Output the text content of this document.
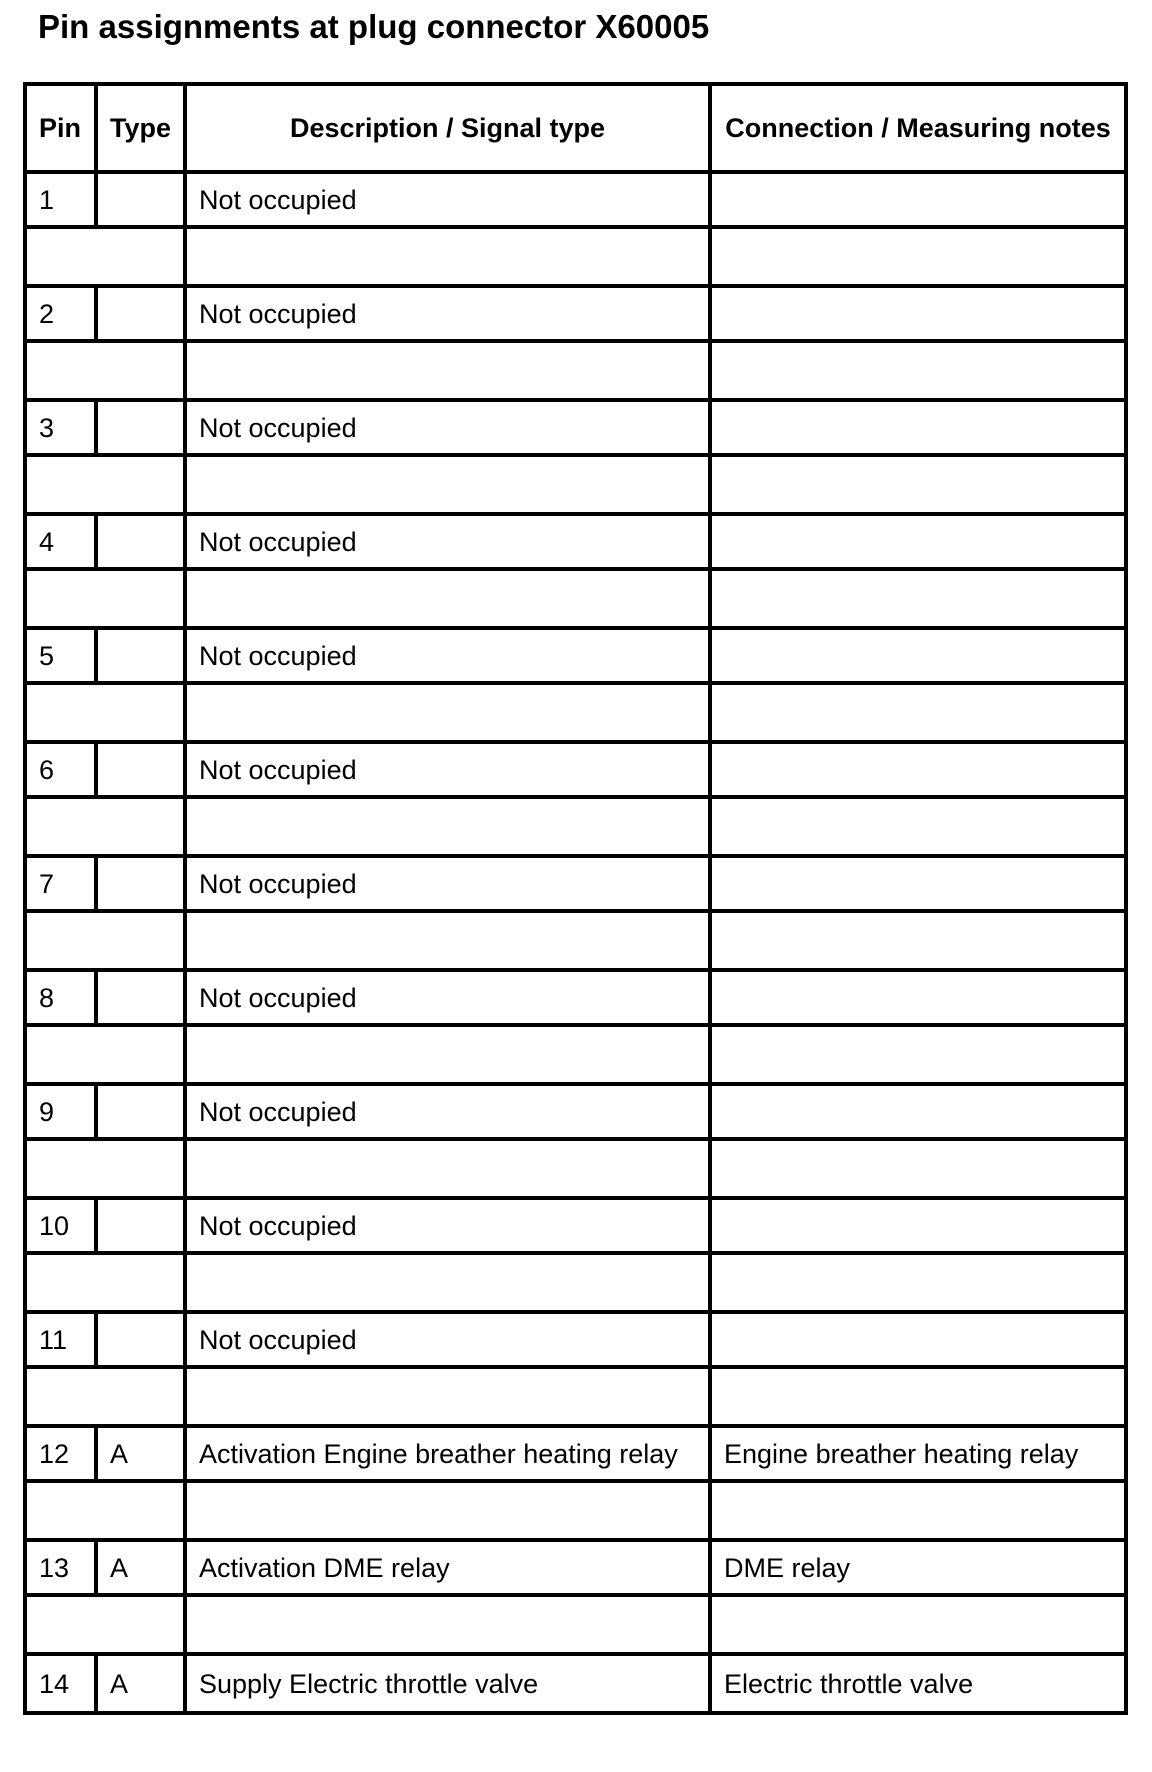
Pin assignments at plug connector X60005
Pin	Type	Description / Signal type	Connection / Measuring notes
1		Not occupied	

2		Not occupied	

3		Not occupied	

4		Not occupied	

5		Not occupied	

6		Not occupied	

7		Not occupied	

8		Not occupied	

9		Not occupied	

10		Not occupied	

11		Not occupied	

12	A	Activation Engine breather heating relay	Engine breather heating relay

13	A	Activation DME relay	DME relay

14	A	Supply Electric throttle valve	Electric throttle valve
